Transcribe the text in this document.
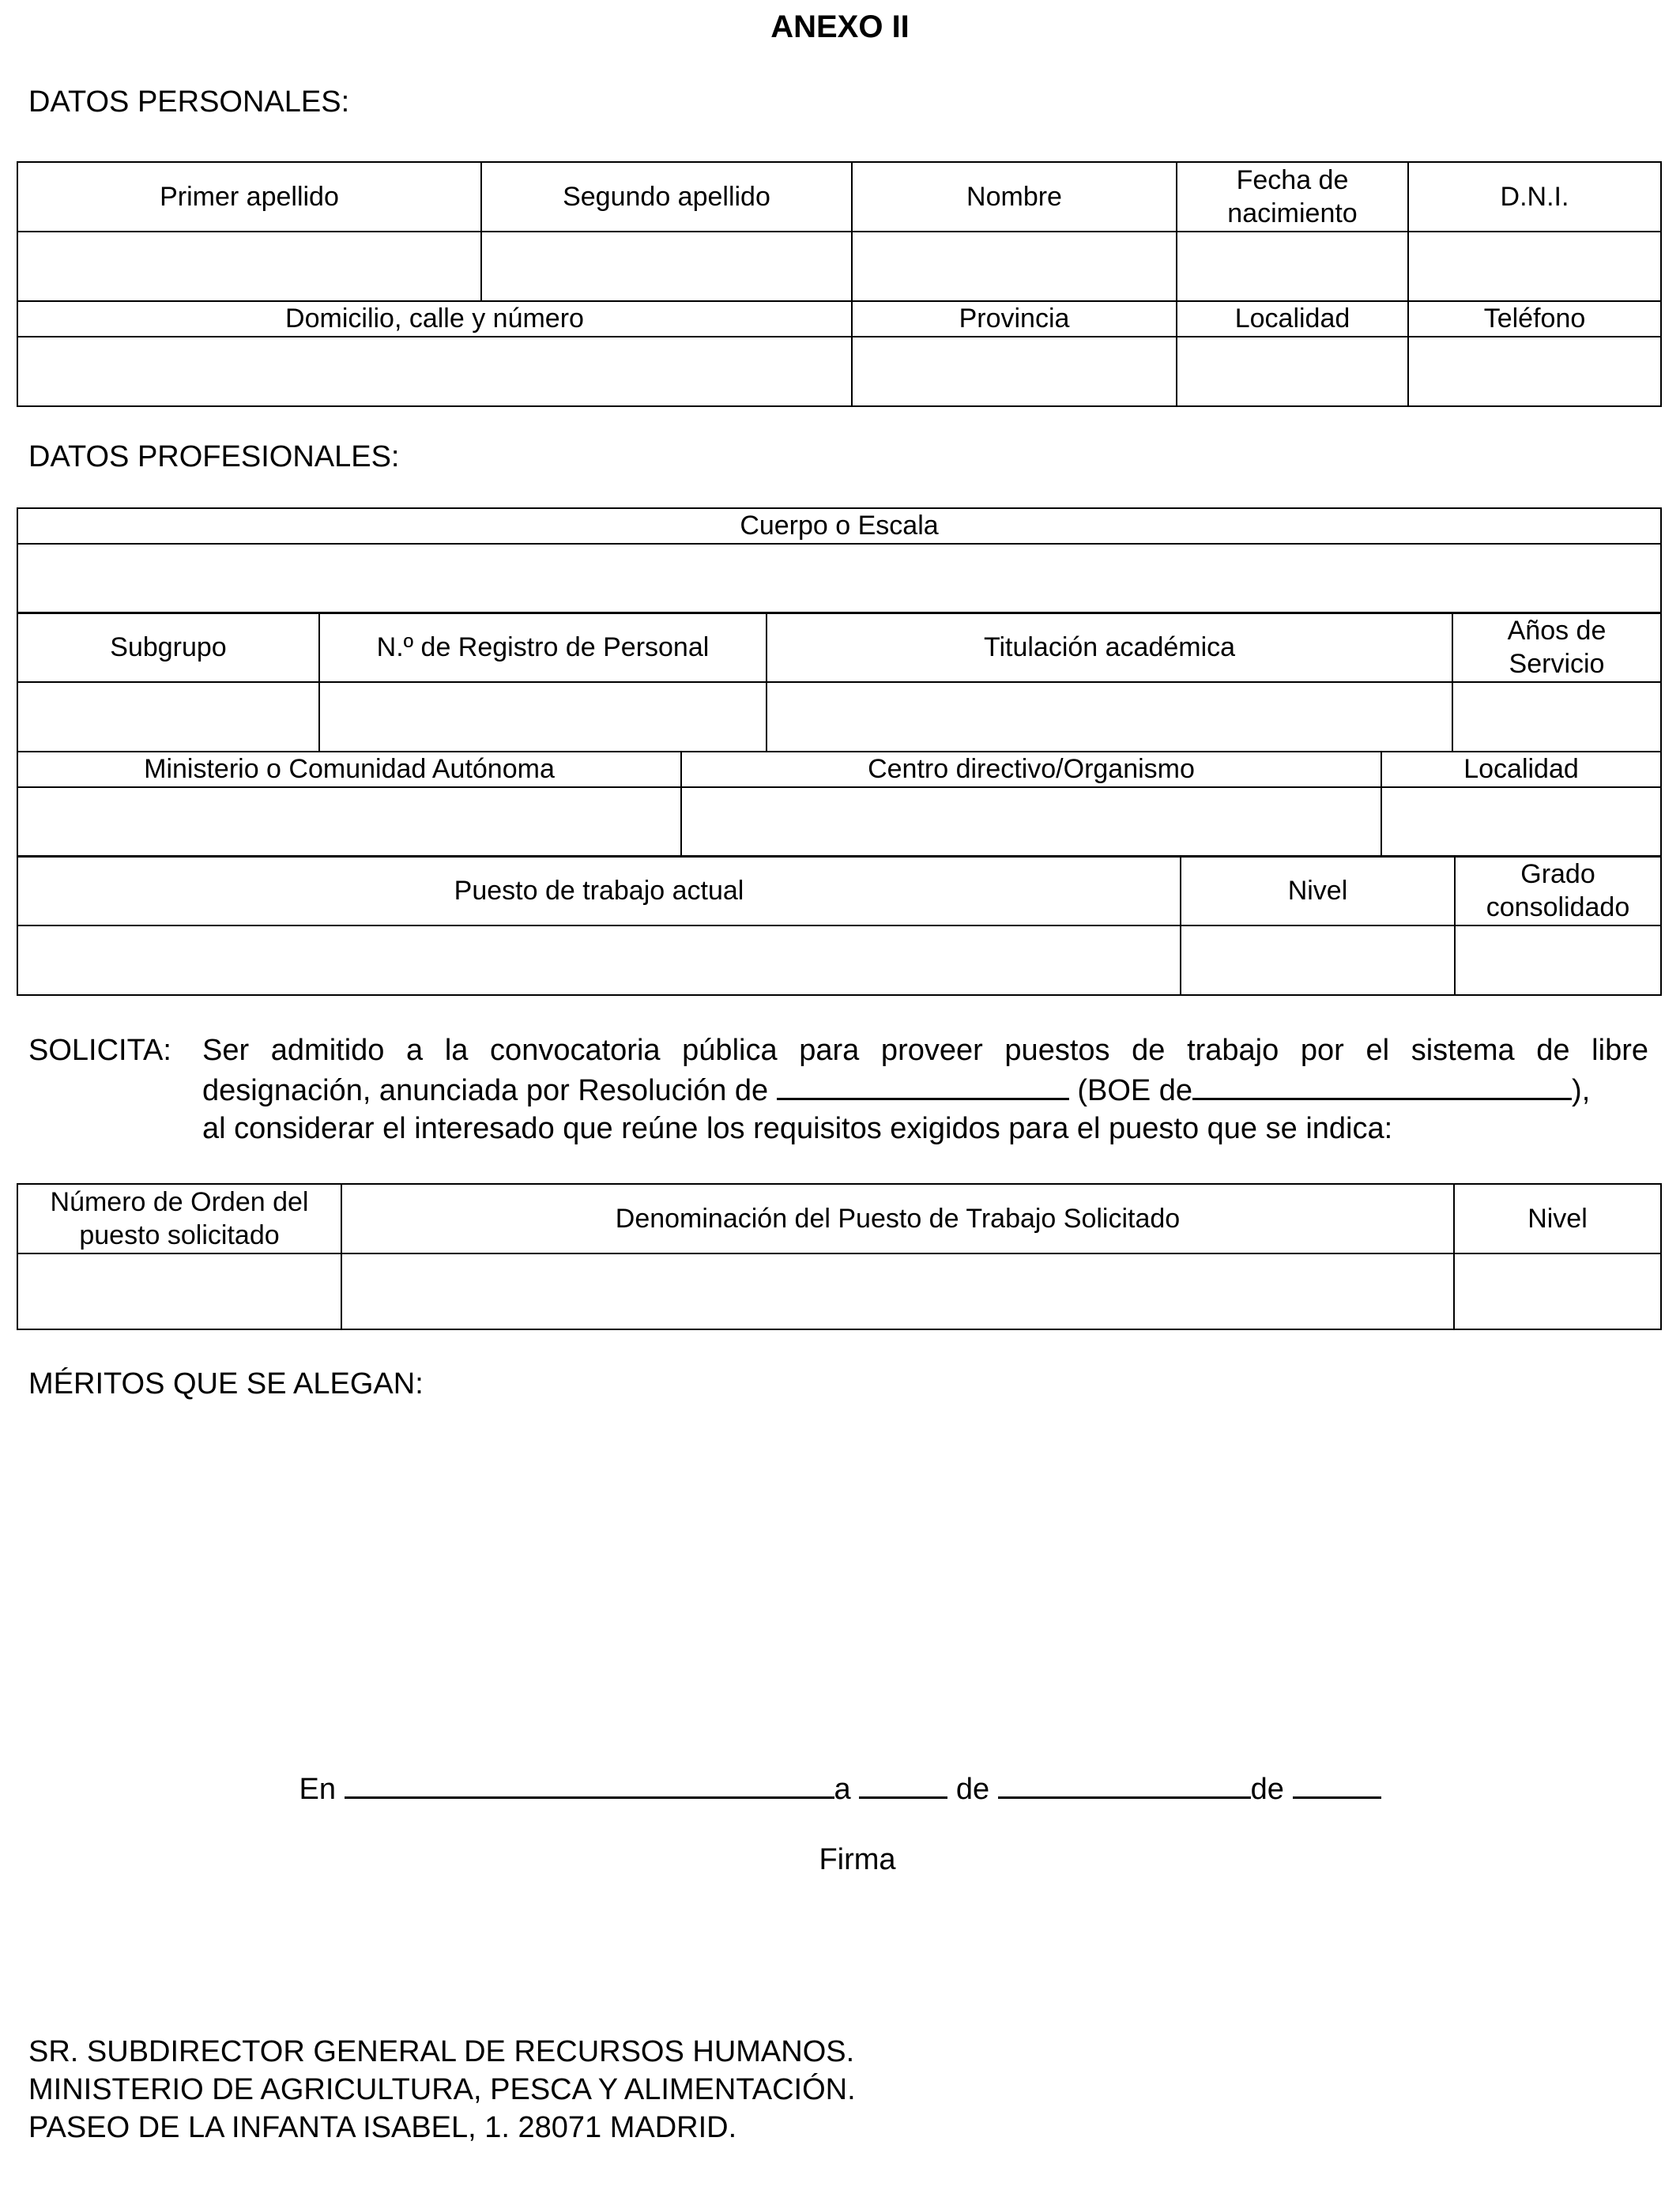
ANEXO II
DATOS PERSONALES:
Primer apellido	Segundo apellido	Nombre	Fecha de nacimiento	D.N.I.

Domicilio, calle y número		Provincia	Localidad	Teléfono

DATOS PROFESIONALES:
Cuerpo o Escala

Subgrupo	N.º de Registro de Personal	Titulación académica	Años de Servicio

Ministerio o Comunidad Autónoma	Centro directivo/Organismo	Localidad

Puesto de trabajo actual	Nivel	Grado consolidado

SOLICITA:	Ser admitido a la convocatoria pública para proveer puestos de trabajo por el sistema de libre
designación, anunciada por Resolución de	(BOE de	),
al considerar el interesado que reúne los requisitos exigidos para el puesto que se indica:
Número de Orden del puesto solicitado	Denominación del Puesto de Trabajo Solicitado	Nivel

MÉRITOS QUE SE ALEGAN:
En	a	de	de
Firma
SR. SUBDIRECTOR GENERAL DE RECURSOS HUMANOS.
MINISTERIO DE AGRICULTURA, PESCA Y ALIMENTACIÓN.
PASEO DE LA INFANTA ISABEL, 1. 28071 MADRID.
